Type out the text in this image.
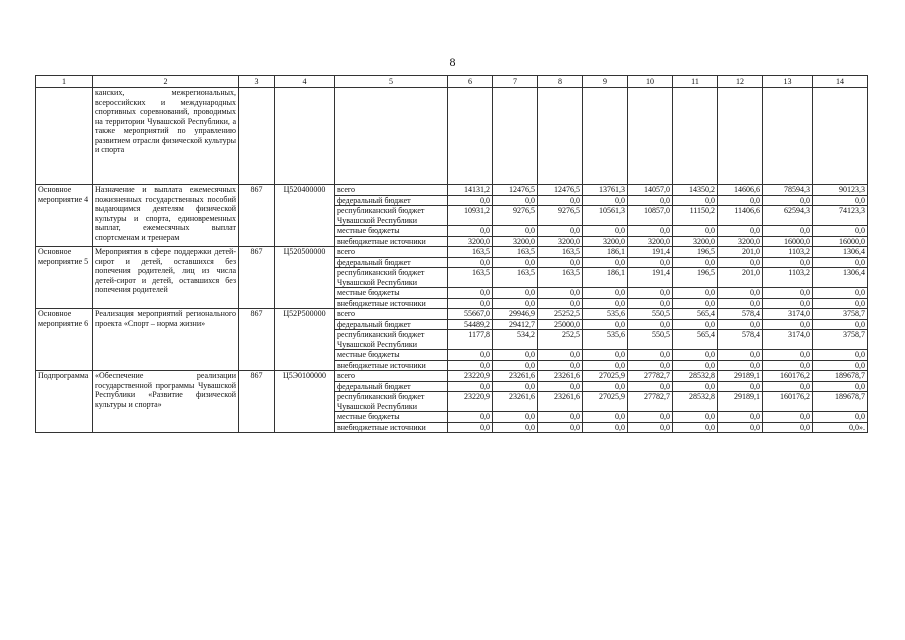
8
1	2	3	4	5	6	7	8	9	10	11	12	13	14
	канских, межрегиональных, всероссийских и международных спортивных соревнований, проводимых на территории Чувашской Республики, а также мероприятий по управлению развитием отрасли физической культуры и спорта												
Основное мероприятие 4	Назначение и выплата ежемесячных пожизненных государственных пособий выдающимся деятелям физической культуры и спорта, единовременных выплат, ежемесячных выплат спортсменам и тренерам	867	Ц520400000	всего	14131,2	12476,5	12476,5	13761,3	14057,0	14350,2	14606,6	78594,3	90123,3
				федеральный бюджет	0,0	0,0	0,0	0,0	0,0	0,0	0,0	0,0	0,0
				республиканский бюджет Чувашской Республики	10931,2	9276,5	9276,5	10561,3	10857,0	11150,2	11406,6	62594,3	74123,3
				местные бюджеты	0,0	0,0	0,0	0,0	0,0	0,0	0,0	0,0	0,0
				внебюджетные источники	3200,0	3200,0	3200,0	3200,0	3200,0	3200,0	3200,0	16000,0	16000,0
Основное мероприятие 5	Мероприятия в сфере поддержки детей-сирот и детей, оставшихся без попечения родителей, лиц из числа детей-сирот и детей, оставшихся без попечения родителей	867	Ц520500000	всего	163,5	163,5	163,5	186,1	191,4	196,5	201,0	1103,2	1306,4
				федеральный бюджет	0,0	0,0	0,0	0,0	0,0	0,0	0,0	0,0	0,0
				республиканский бюджет Чувашской Республики	163,5	163,5	163,5	186,1	191,4	196,5	201,0	1103,2	1306,4
				местные бюджеты	0,0	0,0	0,0	0,0	0,0	0,0	0,0	0,0	0,0
				внебюджетные источники	0,0	0,0	0,0	0,0	0,0	0,0	0,0	0,0	0,0
Основное мероприятие 6	Реализация мероприятий регионального проекта «Спорт – норма жизни»	867	Ц52P500000	всего	55667,0	29946,9	25252,5	535,6	550,5	565,4	578,4	3174,0	3758,7
				федеральный бюджет	54489,2	29412,7	25000,0	0,0	0,0	0,0	0,0	0,0	0,0
				республиканский бюджет Чувашской Республики	1177,8	534,2	252,5	535,6	550,5	565,4	578,4	3174,0	3758,7
				местные бюджеты	0,0	0,0	0,0	0,0	0,0	0,0	0,0	0,0	0,0
				внебюджетные источники	0,0	0,0	0,0	0,0	0,0	0,0	0,0	0,0	0,0
Подпрограмма	«Обеспечение реализации государственной программы Чувашской Республики «Развитие физической культуры и спорта»	867	Ц5Э0100000	всего	23220,9	23261,6	23261,6	27025,9	27782,7	28532,8	29189,1	160176,2	189678,7
				федеральный бюджет	0,0	0,0	0,0	0,0	0,0	0,0	0,0	0,0	0,0
				республиканский бюджет Чувашской Республики	23220,9	23261,6	23261,6	27025,9	27782,7	28532,8	29189,1	160176,2	189678,7
				местные бюджеты	0,0	0,0	0,0	0,0	0,0	0,0	0,0	0,0	0,0
				внебюджетные источники	0,0	0,0	0,0	0,0	0,0	0,0	0,0	0,0	0,0».
